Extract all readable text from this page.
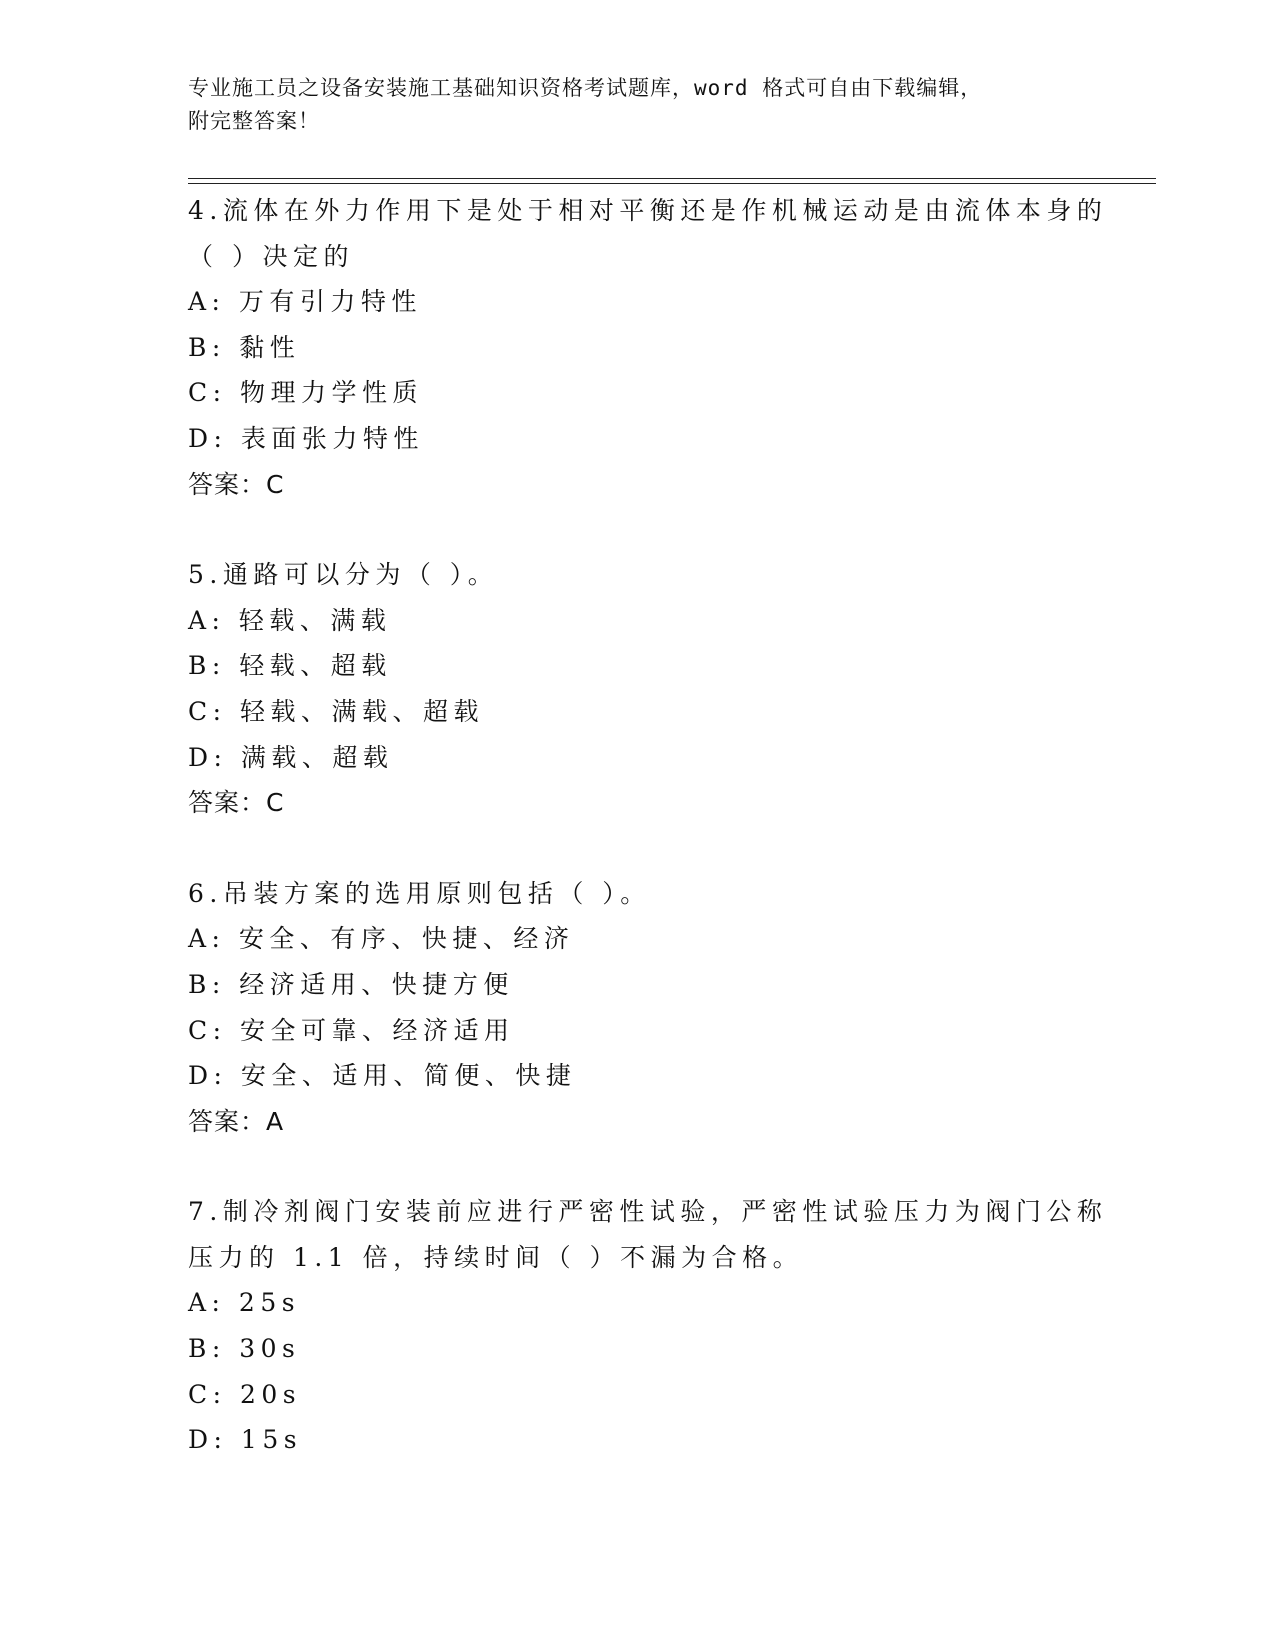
专业施工员之设备安装施工基础知识资格考试题库，word 格式可自由下载编辑，
附完整答案！
4.流体在外力作用下是处于相对平衡还是作机械运动是由流体本身的
（ ）决定的
A: 万有引力特性
B: 黏性
C: 物理力学性质
D: 表面张力特性
答案：C
5.通路可以分为（ ）。
A: 轻载、满载
B: 轻载、超载
C: 轻载、满载、超载
D: 满载、超载
答案：C
6.吊装方案的选用原则包括（ ）。
A: 安全、有序、快捷、经济
B: 经济适用、快捷方便
C: 安全可靠、经济适用
D: 安全、适用、简便、快捷
答案：A
7.制冷剂阀门安装前应进行严密性试验，严密性试验压力为阀门公称
压力的 1.1 倍，持续时间（ ）不漏为合格。
A: 25s
B: 30s
C: 20s
D: 15s
